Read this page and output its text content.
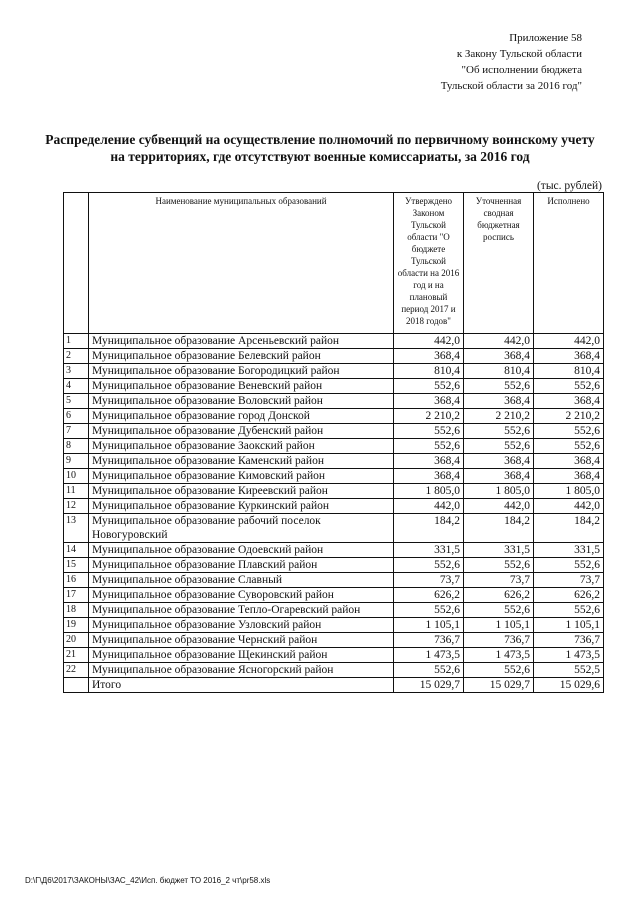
Приложение 58
к Закону Тульской области
"Об исполнении бюджета
Тульской области за 2016 год"
Распределение субвенций на осуществление полномочий по первичному воинскому учету
на территориях, где отсутствуют военные комиссариаты, за 2016 год
(тыс. рублей)
	Наименование муниципальных образований	Утверждено Законом Тульской области "О бюджете Тульской области на 2016 год и на плановый период 2017 и 2018 годов"	Уточненная сводная бюджетная роспись	Исполнено
1	Муниципальное образование Арсеньевский район	442,0	442,0	442,0
2	Муниципальное образование Белевский район	368,4	368,4	368,4
3	Муниципальное образование Богородицкий район	810,4	810,4	810,4
4	Муниципальное образование Веневский район	552,6	552,6	552,6
5	Муниципальное образование Воловский район	368,4	368,4	368,4
6	Муниципальное образование город Донской	2 210,2	2 210,2	2 210,2
7	Муниципальное образование Дубенский район	552,6	552,6	552,6
8	Муниципальное образование Заокский район	552,6	552,6	552,6
9	Муниципальное образование Каменский район	368,4	368,4	368,4
10	Муниципальное образование Кимовский район	368,4	368,4	368,4
11	Муниципальное образование Киреевский район	1 805,0	1 805,0	1 805,0
12	Муниципальное образование Куркинский район	442,0	442,0	442,0
13	Муниципальное образование рабочий поселок Новогуровский	184,2	184,2	184,2
14	Муниципальное образование Одоевский район	331,5	331,5	331,5
15	Муниципальное образование Плавский район	552,6	552,6	552,6
16	Муниципальное образование Славный	73,7	73,7	73,7
17	Муниципальное образование Суворовский район	626,2	626,2	626,2
18	Муниципальное образование Тепло-Огаревский район	552,6	552,6	552,6
19	Муниципальное образование Узловский район	1 105,1	1 105,1	1 105,1
20	Муниципальное образование Чернский район	736,7	736,7	736,7
21	Муниципальное образование Щекинский район	1 473,5	1 473,5	1 473,5
22	Муниципальное образование Ясногорский район	552,6	552,6	552,5
	Итого	15 029,7	15 029,7	15 029,6
D:\Г\Д6\2017\ЗАКОНЫ\ЗАС_42\Исп. бюджет ТО 2016_2 чт\pr58.xls
